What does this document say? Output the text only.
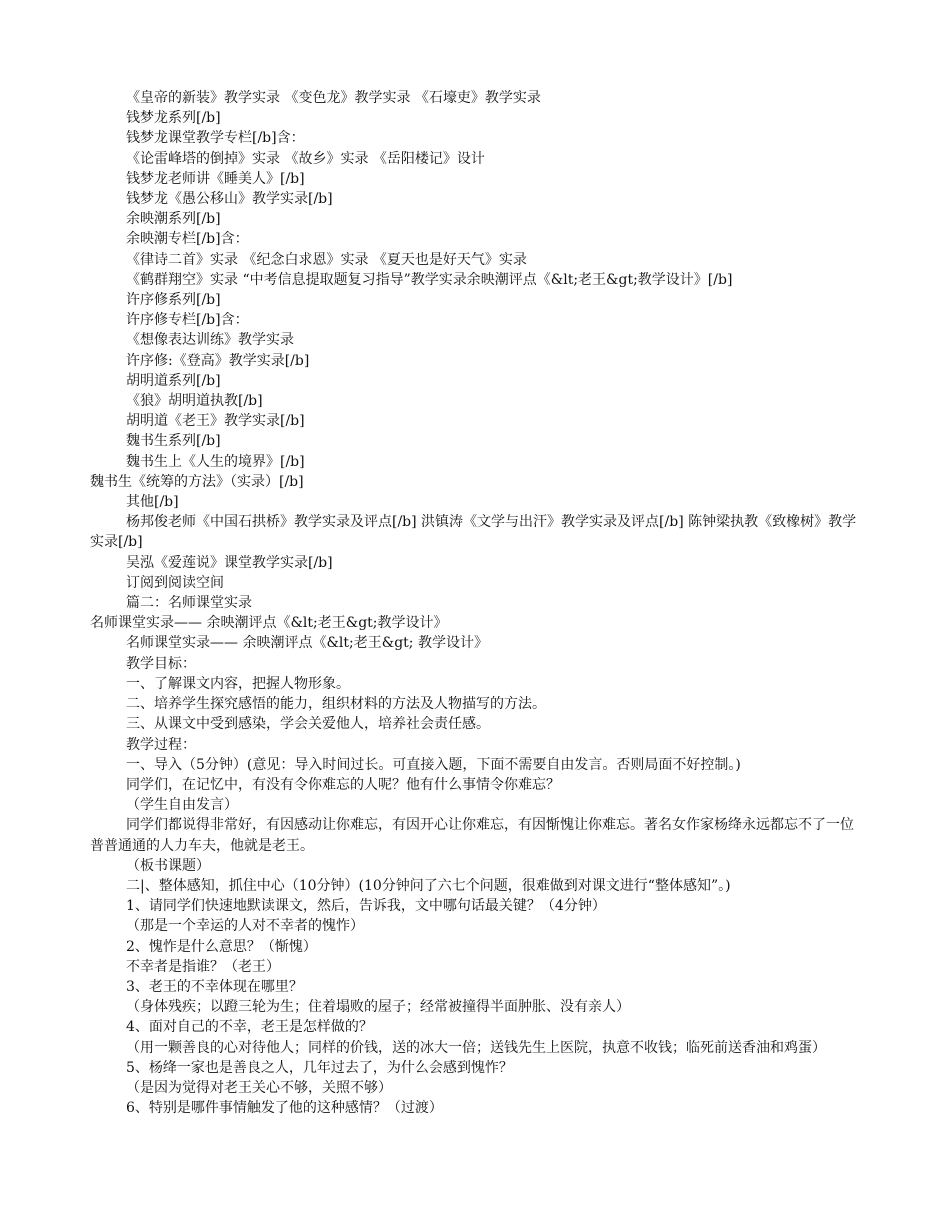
《皇帝的新装》教学实录 《变色龙》教学实录 《石壕吏》教学实录

钱梦龙系列[/b]

钱梦龙课堂教学专栏[/b]含：

《论雷峰塔的倒掉》实录 《故乡》实录 《岳阳楼记》设计

钱梦龙老师讲《睡美人》[/b]

钱梦龙《愚公移山》教学实录[/b]

余映潮系列[/b]

余映潮专栏[/b]含：

《律诗二首》实录 《纪念白求恩》实录 《夏天也是好天气》实录

《鹤群翔空》实录 “中考信息提取题复习指导”教学实录余映潮评点《&lt;老王&gt;教学设计》[/b]

许序修系列[/b]

许序修专栏[/b]含：

《想像表达训练》教学实录

许序修:《登高》教学实录[/b]

胡明道系列[/b]

《狼》胡明道执教[/b]

胡明道《老王》教学实录[/b]

魏书生系列[/b]

魏书生上《人生的境界》[/b]

魏书生《统筹的方法》（实录）[/b]

其他[/b]

杨邦俊老师《中国石拱桥》教学实录及评点[/b] 洪镇涛《文学与出汗》教学实录及评点[/b] 陈钟梁执教《致橡树》教学实录[/b]

吴泓《爱莲说》课堂教学实录[/b]

订阅到阅读空间

篇二：名师课堂实录

名师课堂实录—— 余映潮评点《&lt;老王&gt;教学设计》

名师课堂实录—— 余映潮评点《&lt;老王&gt; 教学设计》

教学目标：

一、了解课文内容，把握人物形象。

二、培养学生探究感悟的能力，组织材料的方法及人物描写的方法。

三、从课文中受到感染，学会关爱他人，培养社会责任感。

教学过程：

一、导入（5分钟）(意见：导入时间过长。可直接入题，下面不需要自由发言。否则局面不好控制。)

同学们，在记忆中，有没有令你难忘的人呢？他有什么事情令你难忘？

（学生自由发言）

同学们都说得非常好，有因感动让你难忘，有因开心让你难忘，有因惭愧让你难忘。著名女作家杨绛永远都忘不了一位普普通通的人力车夫，他就是老王。

（板书课题）

二|、整体感知，抓住中心（10分钟）(10分钟问了六七个问题，很难做到对课文进行“整体感知”。)

1、请同学们快速地默读课文，然后，告诉我，文中哪句话最关键？（4分钟）

（那是一个幸运的人对不幸者的愧怍）

2、愧怍是什么意思？（惭愧）

不幸者是指谁？（老王）

3、老王的不幸体现在哪里？

（身体残疾；以蹬三轮为生；住着塌败的屋子；经常被撞得半面肿胀、没有亲人）

4、面对自己的不幸，老王是怎样做的？

（用一颗善良的心对待他人；同样的价钱，送的冰大一倍；送钱先生上医院，执意不收钱；临死前送香油和鸡蛋）

5、杨绛一家也是善良之人，几年过去了，为什么会感到愧怍？

（是因为觉得对老王关心不够，关照不够）

6、特别是哪件事情触发了他的这种感情？（过渡）
